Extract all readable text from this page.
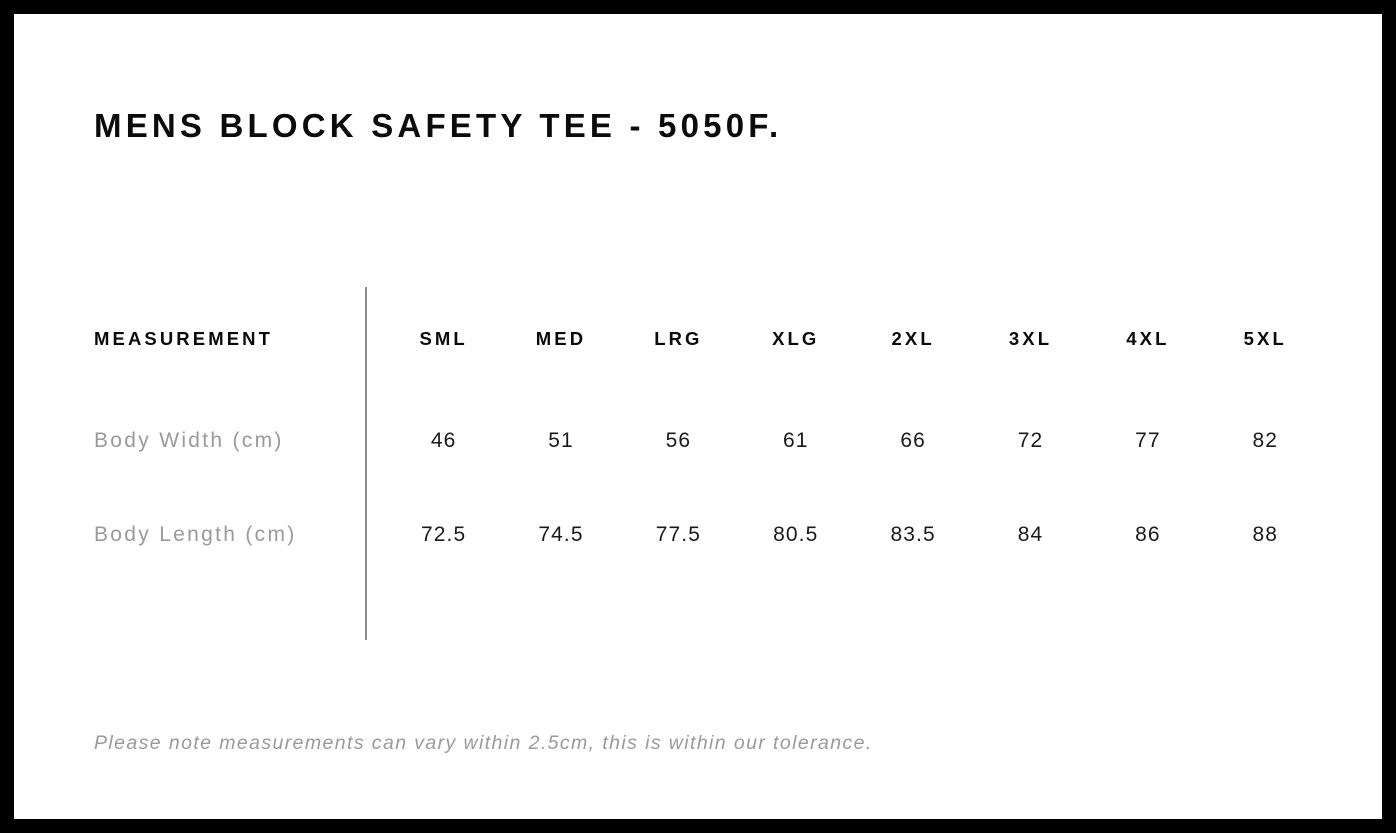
MENS BLOCK SAFETY TEE - 5050F.
MEASUREMENT	SML	MED	LRG	XLG	2XL	3XL	4XL	5XL
Body Width (cm)	46	51	56	61	66	72	77	82
Body Length (cm)	72.5	74.5	77.5	80.5	83.5	84	86	88
Please note measurements can vary within 2.5cm, this is within our tolerance.
